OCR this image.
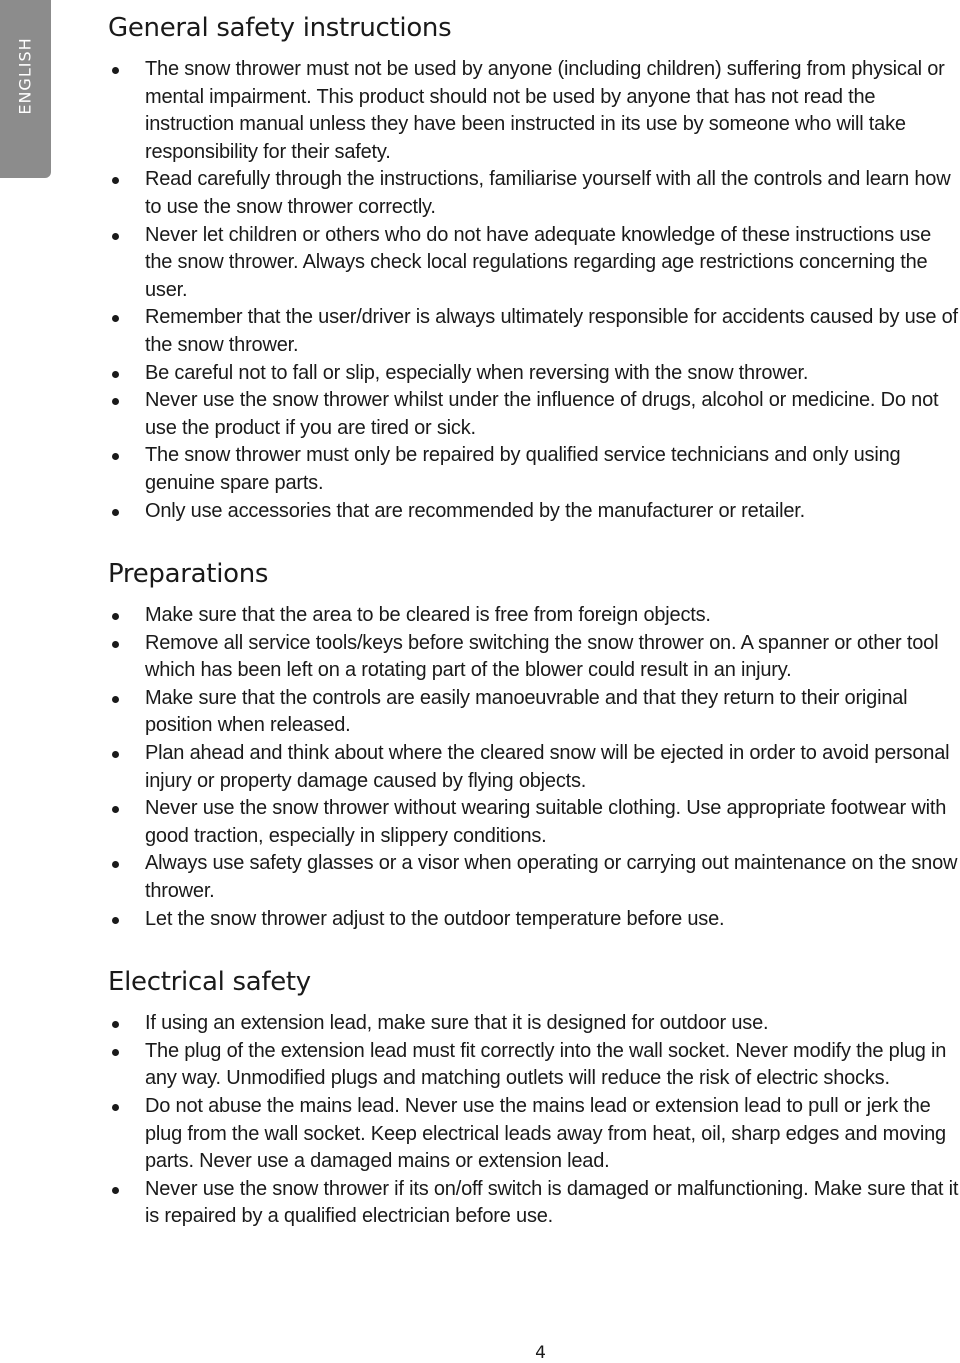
ENGLISH
General safety instructions
The snow thrower must not be used by anyone (including children) suffering from physical or mental impairment. This product should not be used by anyone that has not read the instruction manual unless they have been instructed in its use by someone who will take responsibility for their safety.
Read carefully through the instructions, familiarise yourself with all the controls and learn how to use the snow thrower correctly.
Never let children or others who do not have adequate knowledge of these instructions use the snow thrower. Always check local regulations regarding age restrictions concerning the user.
Remember that the user/driver is always ultimately responsible for accidents caused by use of the snow thrower.
Be careful not to fall or slip, especially when reversing with the snow thrower.
Never use the snow thrower whilst under the influence of drugs, alcohol or medicine. Do not use the product if you are tired or sick.
The snow thrower must only be repaired by qualified service technicians and only using genuine spare parts.
Only use accessories that are recommended by the manufacturer or retailer.
Preparations
Make sure that the area to be cleared is free from foreign objects.
Remove all service tools/keys before switching the snow thrower on. A spanner or other tool which has been left on a rotating part of the blower could result in an injury.
Make sure that the controls are easily manoeuvrable and that they return to their original position when released.
Plan ahead and think about where the cleared snow will be ejected in order to avoid personal injury or property damage caused by flying objects.
Never use the snow thrower without wearing suitable clothing. Use appropriate footwear with good traction, especially in slippery conditions.
Always use safety glasses or a visor when operating or carrying out maintenance on the snow thrower.
Let the snow thrower adjust to the outdoor temperature before use.
Electrical safety
If using an extension lead, make sure that it is designed for outdoor use.
The plug of the extension lead must fit correctly into the wall socket. Never modify the plug in any way. Unmodified plugs and matching outlets will reduce the risk of electric shocks.
Do not abuse the mains lead. Never use the mains lead or extension lead to pull or jerk the plug from the wall socket. Keep electrical leads away from heat, oil, sharp edges and moving parts. Never use a damaged mains or extension lead.
Never use the snow thrower if its on/off switch is damaged or malfunctioning. Make sure that it is repaired by a qualified electrician before use.
4
